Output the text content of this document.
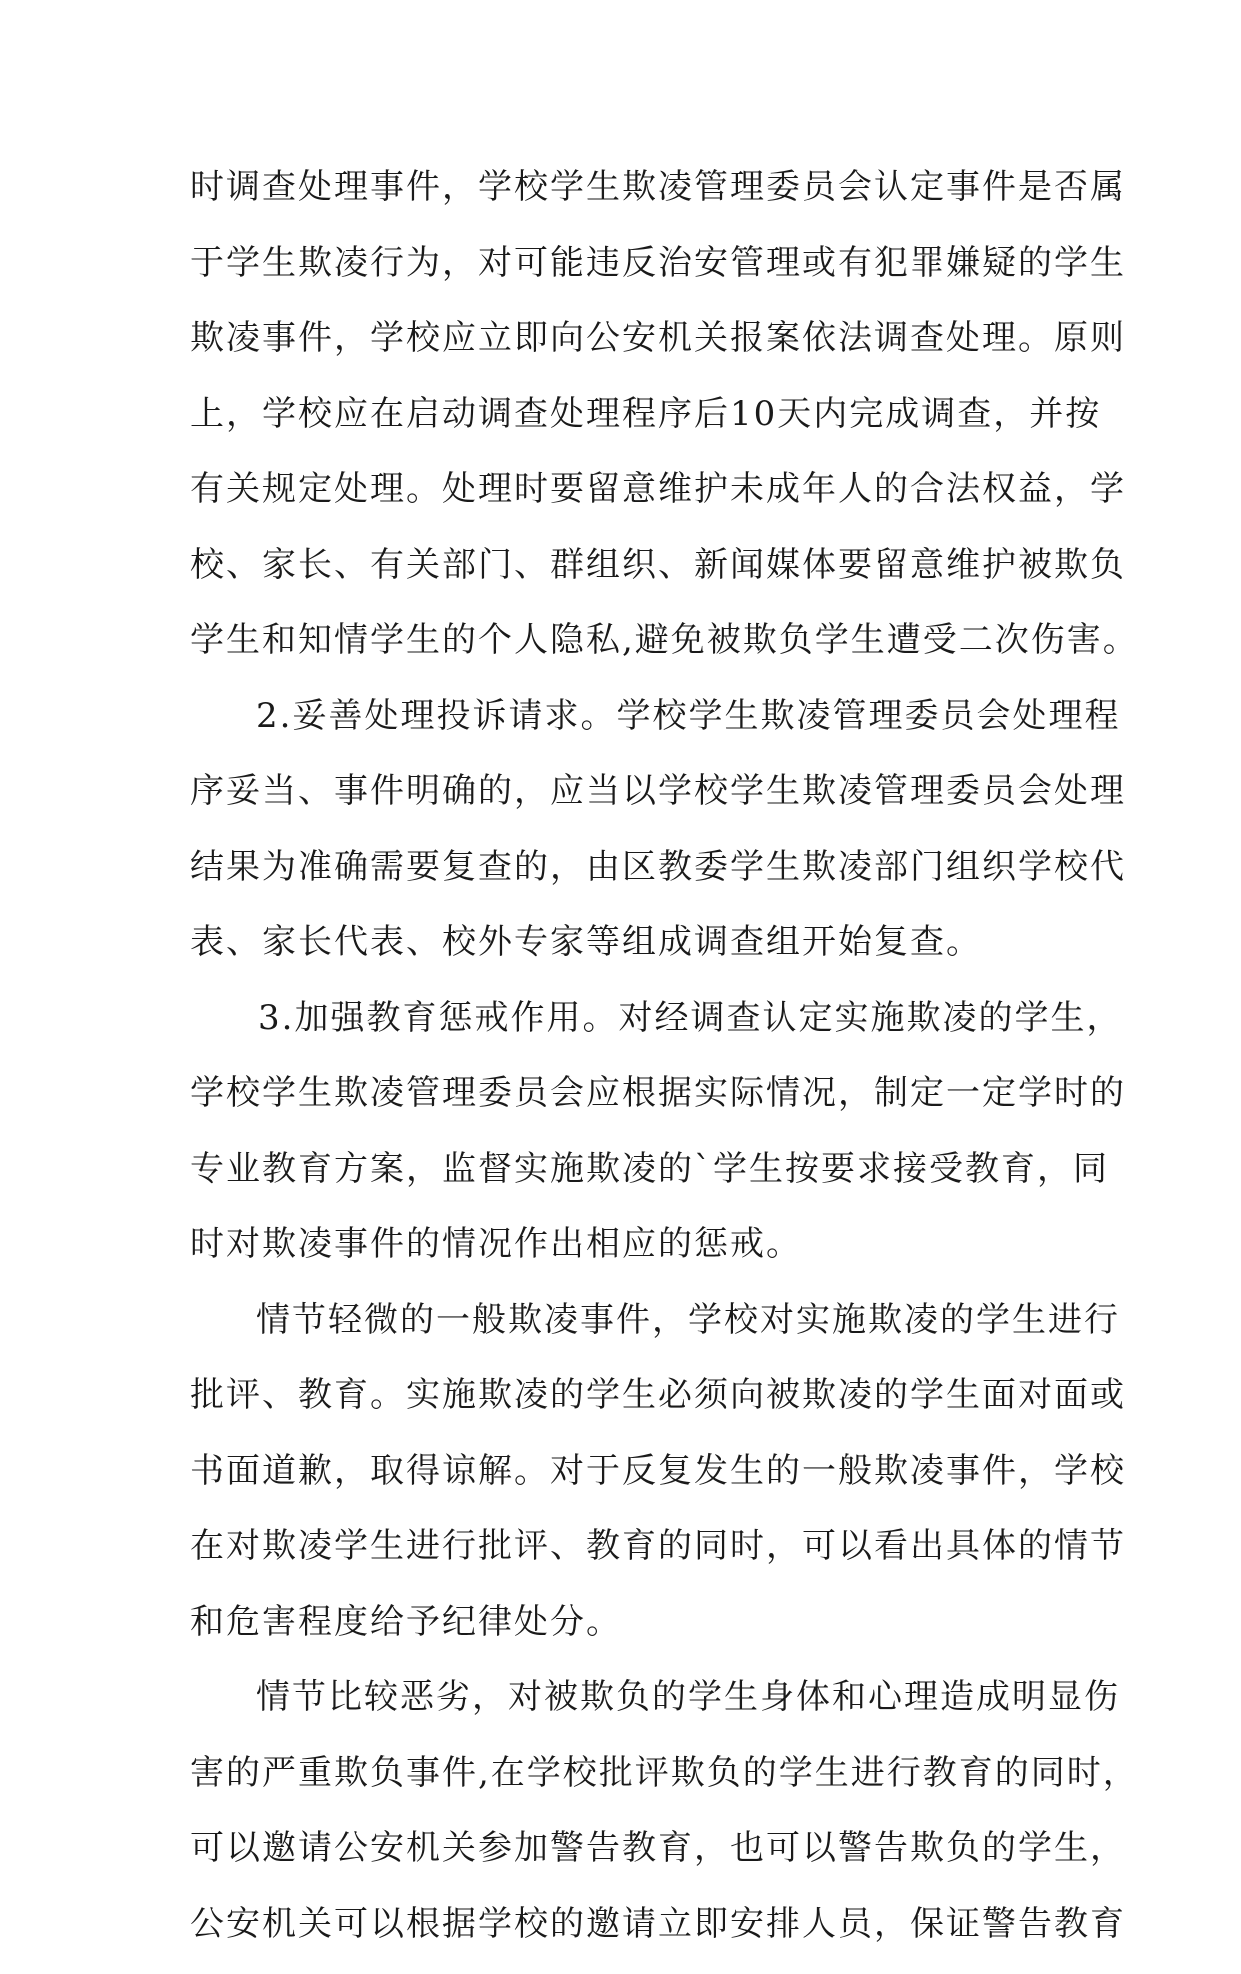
时调查处理事件，学校学生欺凌管理委员会认定事件是否属
于学生欺凌行为，对可能违反治安管理或有犯罪嫌疑的学生
欺凌事件，学校应立即向公安机关报案依法调查处理。原则
上，学校应在启动调查处理程序后10天内完成调查，并按
有关规定处理。处理时要留意维护未成年人的合法权益，学
校、家长、有关部门、群组织、新闻媒体要留意维护被欺负
学生和知情学生的个人隐私,避免被欺负学生遭受二次伤害。
2.妥善处理投诉请求。学校学生欺凌管理委员会处理程
序妥当、事件明确的，应当以学校学生欺凌管理委员会处理
结果为准确需要复查的，由区教委学生欺凌部门组织学校代
表、家长代表、校外专家等组成调查组开始复查。
3.加强教育惩戒作用。对经调查认定实施欺凌的学生，
学校学生欺凌管理委员会应根据实际情况，制定一定学时的
专业教育方案，监督实施欺凌的`学生按要求接受教育，同
时对欺凌事件的情况作出相应的惩戒。
情节轻微的一般欺凌事件，学校对实施欺凌的学生进行
批评、教育。实施欺凌的学生必须向被欺凌的学生面对面或
书面道歉，取得谅解。对于反复发生的一般欺凌事件，学校
在对欺凌学生进行批评、教育的同时，可以看出具体的情节
和危害程度给予纪律处分。
情节比较恶劣，对被欺负的学生身体和心理造成明显伤
害的严重欺负事件,在学校批评欺负的学生进行教育的同时，
可以邀请公安机关参加警告教育，也可以警告欺负的学生，
公安机关可以根据学校的邀请立即安排人员，保证警告教育
